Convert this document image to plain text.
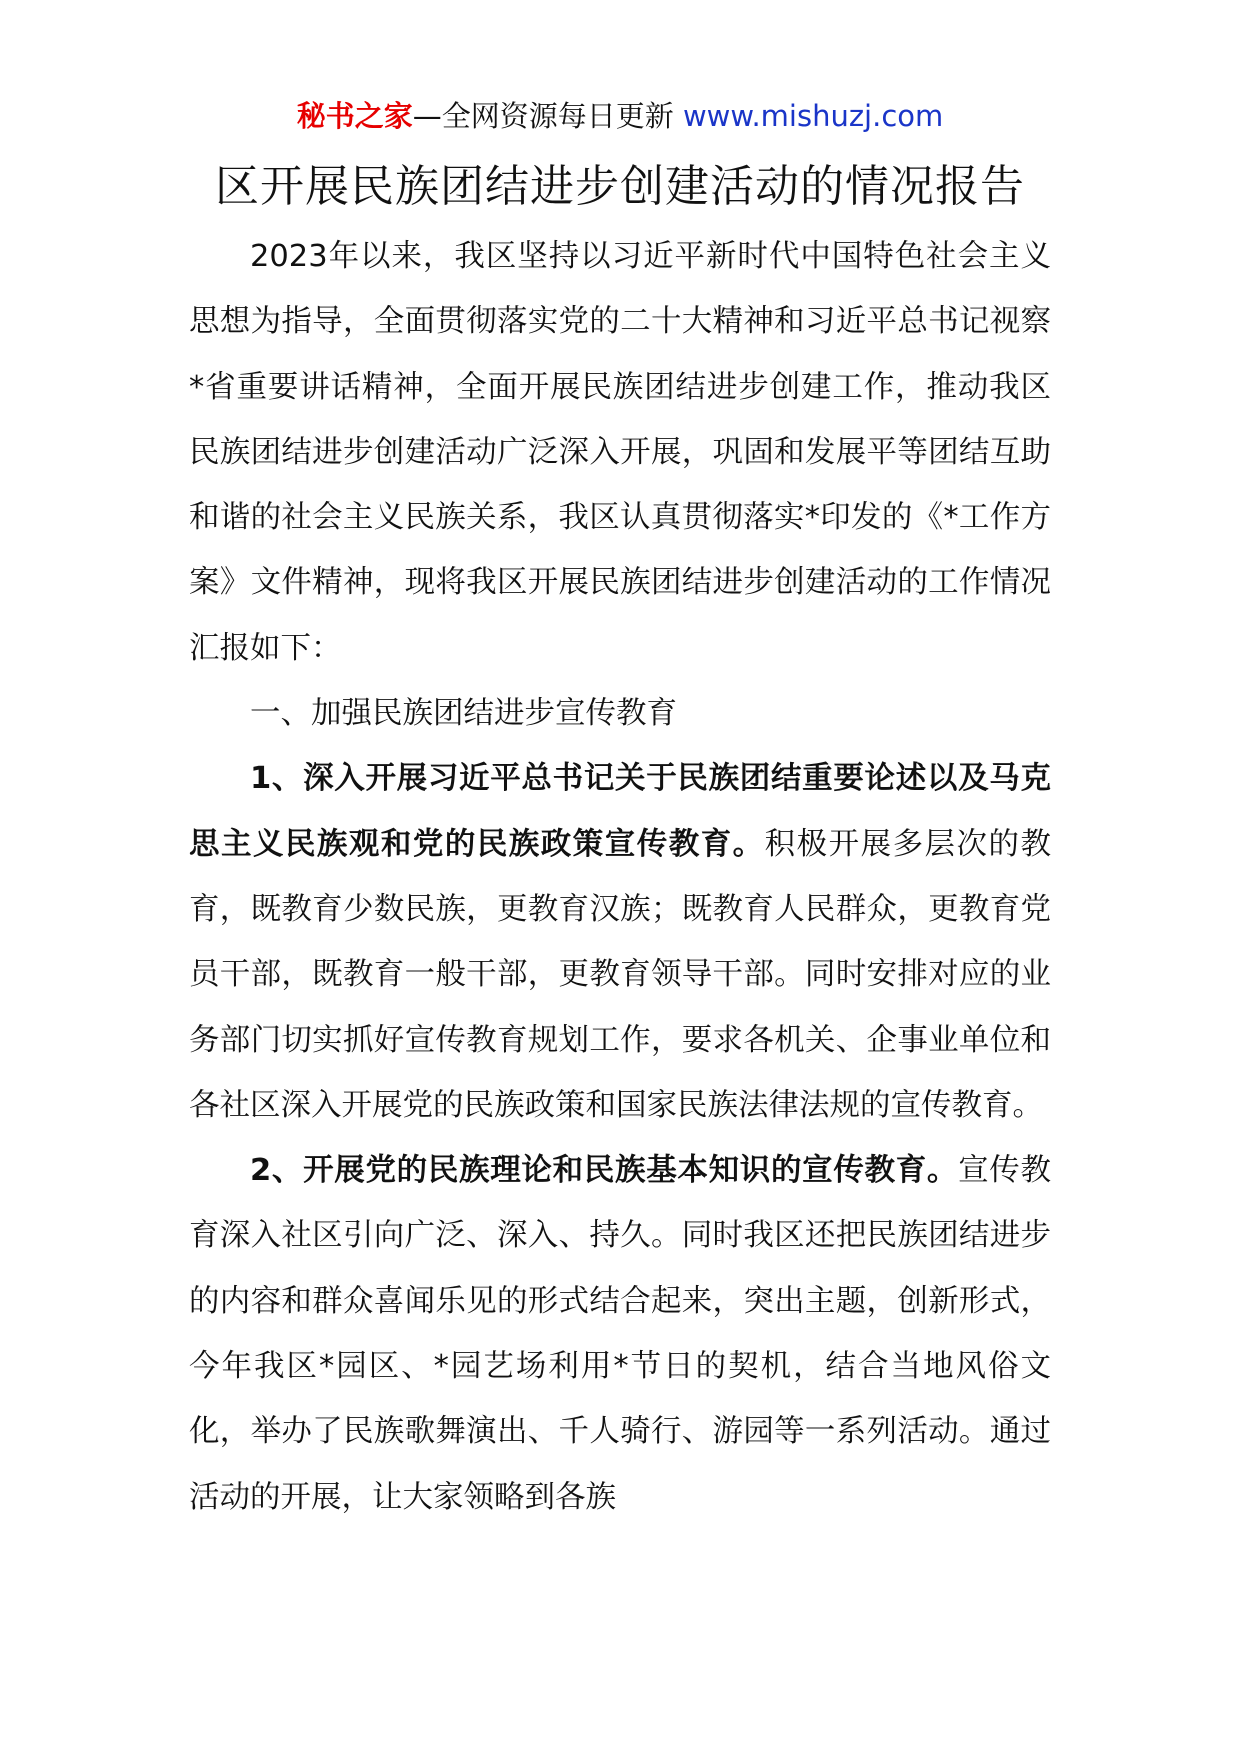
秘书之家—全网资源每日更新 www.mishuzj.com
区开展民族团结进步创建活动的情况报告

2023年以来，我区坚持以习近平新时代中国特色社会主义思想为指导，全面贯彻落实党的二十大精神和习近平总书记视察*省重要讲话精神，全面开展民族团结进步创建工作，推动我区民族团结进步创建活动广泛深入开展，巩固和发展平等团结互助和谐的社会主义民族关系，我区认真贯彻落实*印发的《*工作方案》文件精神，现将我区开展民族团结进步创建活动的工作情况汇报如下：

一、加强民族团结进步宣传教育

1、深入开展习近平总书记关于民族团结重要论述以及马克思主义民族观和党的民族政策宣传教育。积极开展多层次的教育，既教育少数民族，更教育汉族；既教育人民群众，更教育党员干部，既教育一般干部，更教育领导干部。同时安排对应的业务部门切实抓好宣传教育规划工作，要求各机关、企事业单位和各社区深入开展党的民族政策和国家民族法律法规的宣传教育。

2、开展党的民族理论和民族基本知识的宣传教育。宣传教育深入社区引向广泛、深入、持久。同时我区还把民族团结进步的内容和群众喜闻乐见的形式结合起来，突出主题，创新形式，今年我区*园区、*园艺场利用*节日的契机，结合当地风俗文化，举办了民族歌舞演出、千人骑行、游园等一系列活动。通过活动的开展，让大家领略到各族
